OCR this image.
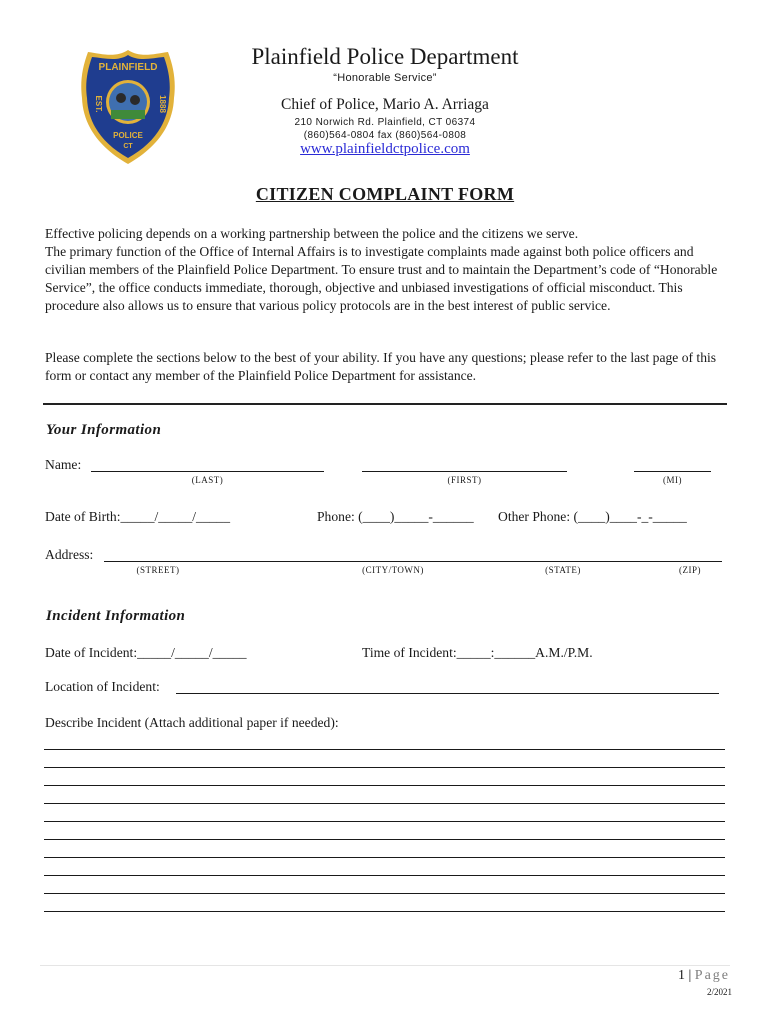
PLAINFIELD
EST.	1888
POLICE
CT
Plainfield Police Department
“Honorable Service”
Chief of Police, Mario A. Arriaga
210 Norwich Rd. Plainfield, CT 06374
(860)564-0804 fax (860)564-0808
www.plainfieldctpolice.com
CITIZEN COMPLAINT FORM

Effective policing depends on a working partnership between the police and the citizens we serve.

The primary function of the Office of Internal Affairs is to investigate complaints made against both police officers and civilian members of the Plainfield Police Department. To ensure trust and to maintain the Department’s code of “Honorable Service”, the office conducts immediate, thorough, objective and unbiased investigations of official misconduct. This procedure also allows us to ensure that various policy protocols are in the best interest of public service.

Please complete the sections below to the best of your ability. If you have any questions; please refer to the last page of this form or contact any member of the Plainfield Police Department for assistance.
Your Information
Name:
(LAST)	(FIRST)	(MI)
Date of Birth:_____/_____/_____	Phone: (____)_____-______ Other Phone: (____)____-_-_____
Address:
(STREET)	(CITY/TOWN)	(STATE)	(ZIP)
Incident Information
Date of Incident:_____/_____/_____	Time of Incident:_____:______A.M./P.M.
Location of Incident:
Describe Incident (Attach additional paper if needed):
1 | Page
2/2021
